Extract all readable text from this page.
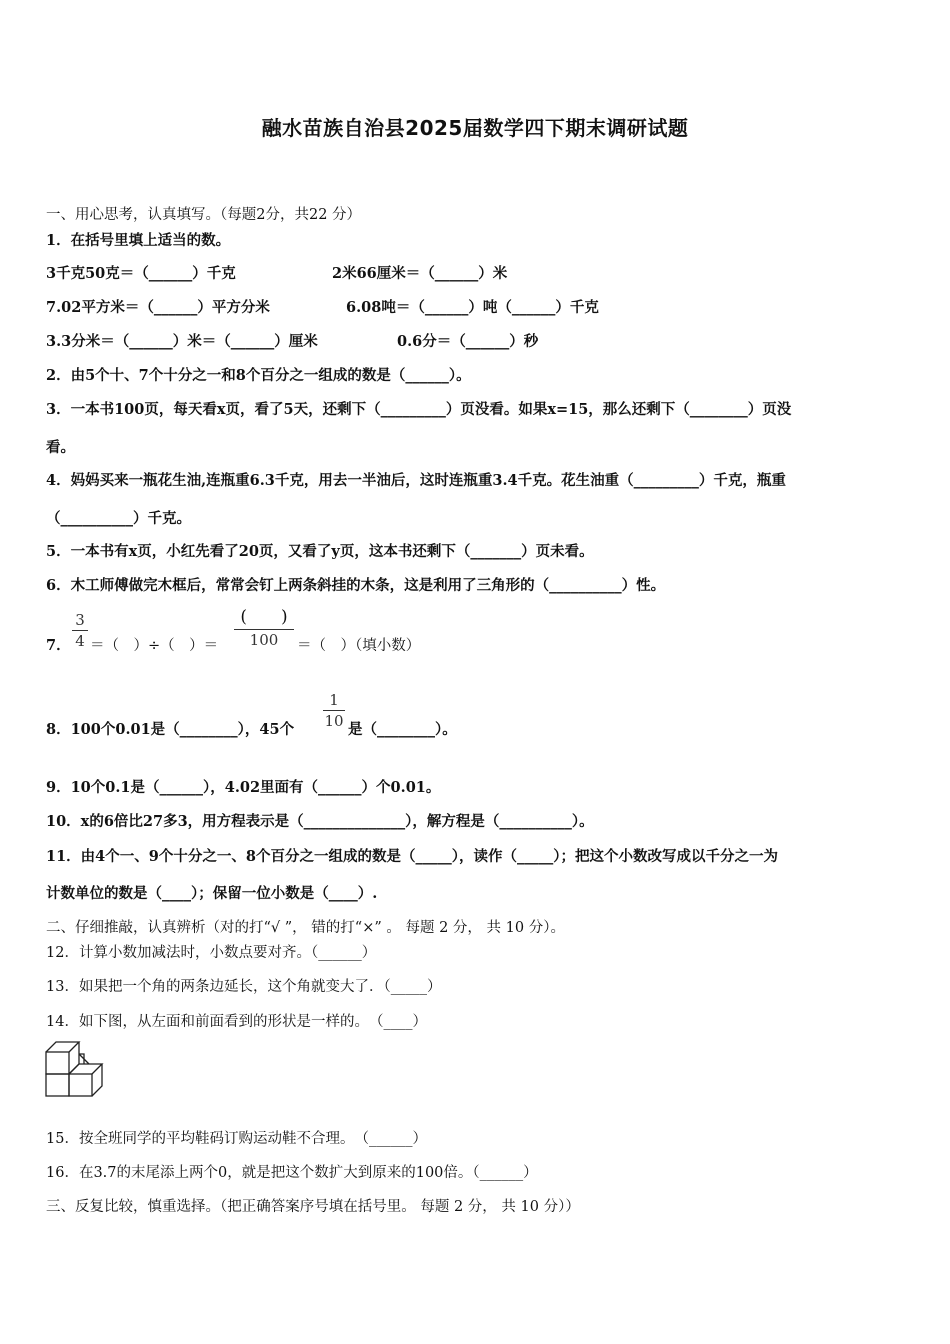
融水苗族自治县2025届数学四下期末调研试题
一、用心思考，认真填写。（每题2分，共22 分）
1．在括号里填上适当的数。
3千克50克＝（______）千克	2米66厘米＝（______）米
7.02平方米＝（______）平方分米	6.08吨＝（______）吨（______）千克
3.3分米＝（______）米＝（______）厘米	0.6分＝（______）秒
2．由5个十、7个十分之一和8个百分之一组成的数是（______）。
3．一本书100页，每天看x页，看了5天，还剩下（_________）页没看。如果x=15，那么还剩下（________）页没
看。
4．妈妈买来一瓶花生油,连瓶重6.3千克，用去一半油后，这时连瓶重3.4千克。花生油重（_________）千克，瓶重
（__________）千克。
5．一本书有x页，小红先看了20页，又看了y页，这本书还剩下（_______）页未看。
6．木工师傅做完木框后，常常会钉上两条斜挂的木条，这是利用了三角形的（__________）性。
7．
3
4 ＝（　）÷（　）＝
(　　)
100	＝（　）（填小数）
8．100个0.01是（________），45个
1
10 是（________）。
9．10个0.1是（______），4.02里面有（______）个0.01。
10．x的6倍比27多3，用方程表示是（______________），解方程是（__________）。
11．由4个一、9个十分之一、8个百分之一组成的数是（_____），读作（_____）；把这个小数改写成以千分之一为
计数单位的数是（____）；保留一位小数是（____）.
二、仔细推敲，认真辨析（对的打“√ ”， 错的打“×” 。 每题 2 分， 共 10 分）。
12．计算小数加减法时，小数点要对齐。（______）
13．如果把一个角的两条边延长，这个角就变大了．（_____）
14．如下图，从左面和前面看到的形状是一样的。　（____）
15．按全班同学的平均鞋码订购运动鞋不合理。　（______）
16．在3.7的末尾添上两个0，就是把这个数扩大到原来的100倍。（______）
三、反复比较，慎重选择。（把正确答案序号填在括号里。 每题 2 分， 共 10 分））
